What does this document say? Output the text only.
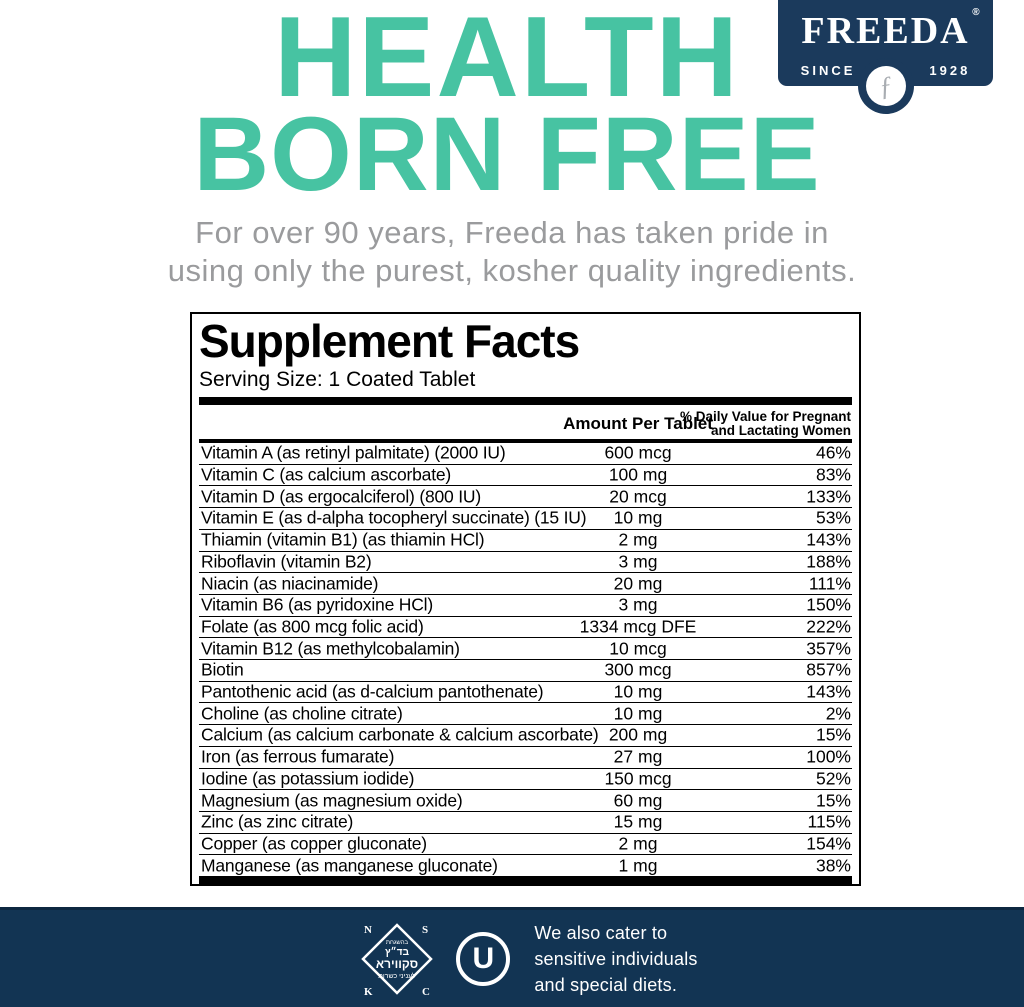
HEALTH
BORN FREE
For over 90 years, Freeda has taken pride in
using only the purest, kosher quality ingredients.
FREEDA ®
SINCE	1928
ƒ
Supplement Facts
Serving Size: 1 Coated Tablet
Amount Per Tablet
% Daily Value for Pregnant
and Lactating Women
Vitamin A (as retinyl palmitate) (2000 IU)	600 mcg	46%
Vitamin C (as calcium ascorbate)	100 mg	83%
Vitamin D (as ergocalciferol) (800 IU)	20 mcg	133%
Vitamin E (as d-alpha tocopheryl succinate) (15 IU) 10 mg	53%
Thiamin (vitamin B1) (as thiamin HCl)	2 mg	143%
Riboflavin (vitamin B2)	3 mg	188%
Niacin (as niacinamide)	20 mg	111%
Vitamin B6 (as pyridoxine HCl)	3 mg	150%
Folate (as 800 mcg folic acid)	1334 mcg DFE	222%
Vitamin B12 (as methylcobalamin)	10 mcg	357%
Biotin	300 mcg	857%
Pantothenic acid (as d-calcium pantothenate)	10 mg	143%
Choline (as choline citrate)	10 mg	2%
Calcium (as calcium carbonate & calcium ascorbate) 200 mg	15%
Iron (as ferrous fumarate)	27 mg	100%
Iodine (as potassium iodide)	150 mcg	52%
Magnesium (as magnesium oxide)	60 mg	15%
Zinc (as zinc citrate)	15 mg	115%
Copper (as copper gluconate)	2 mg	154%
Manganese (as manganese gluconate)	1 mg	38%
N	S
K	C
בהשגחת
בד״ץ
סקווירא
לעניני כשרות
U
We also cater to
sensitive individuals
and special diets.
